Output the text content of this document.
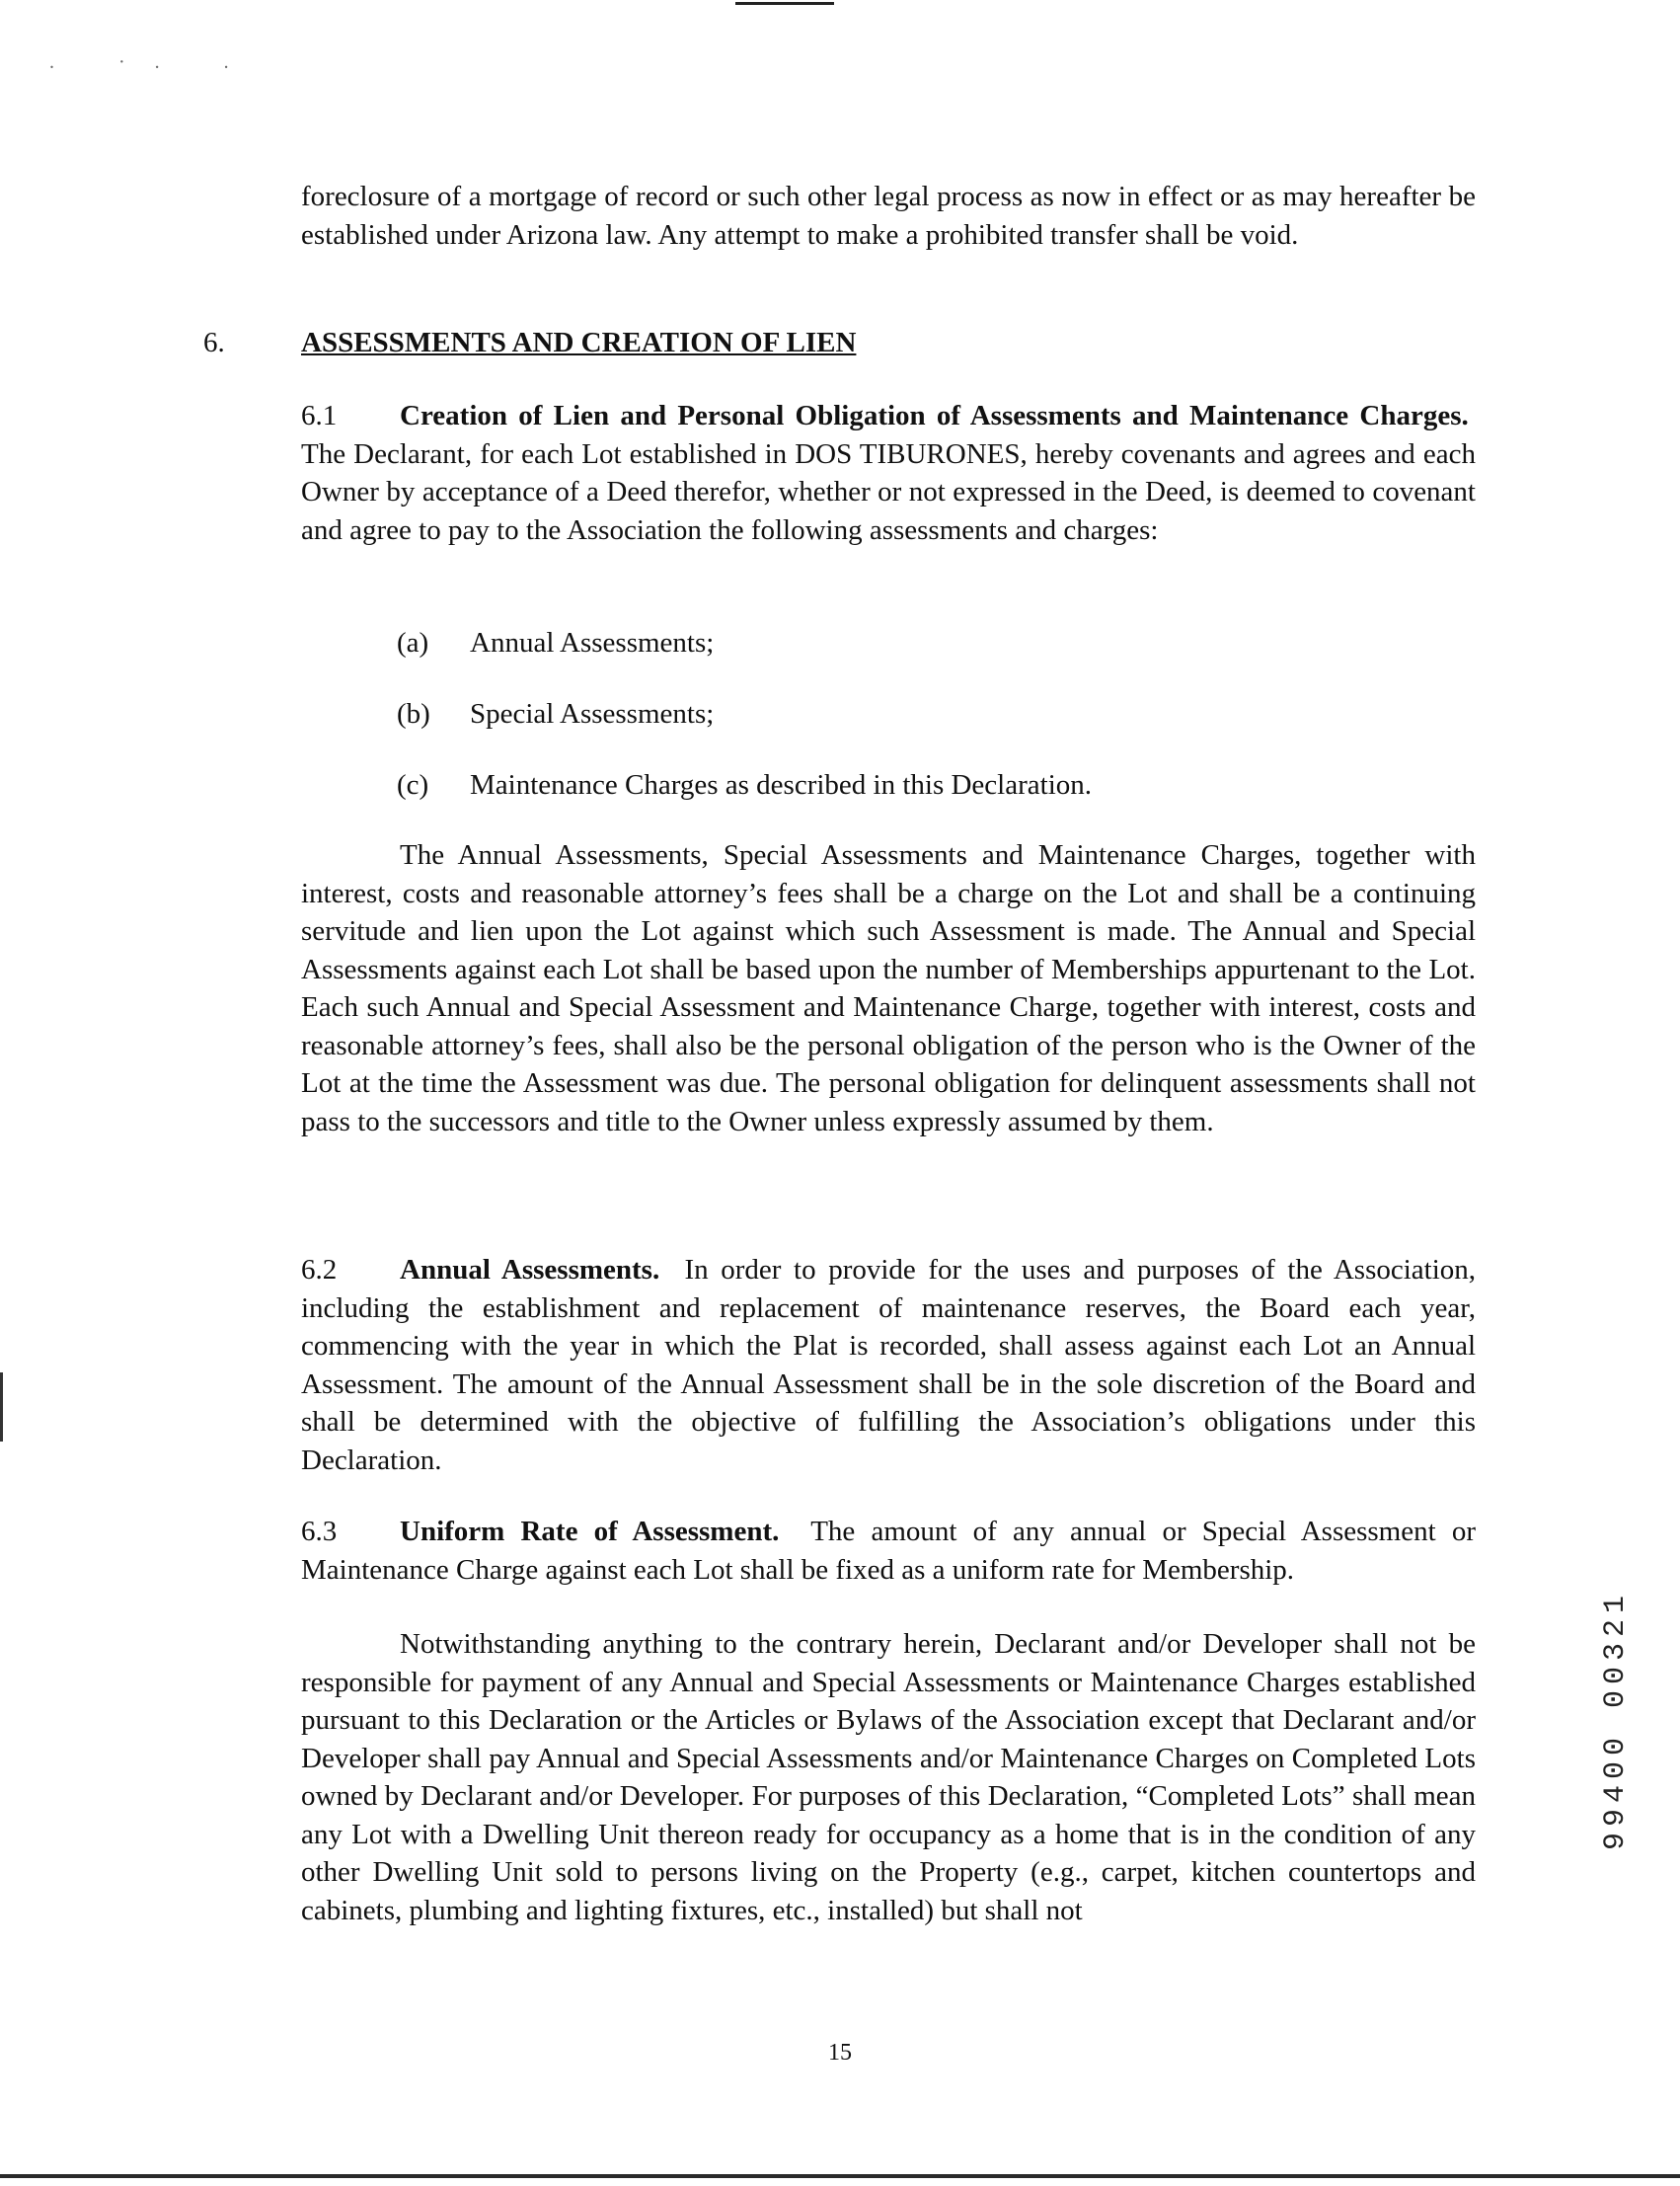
. ·. .

foreclosure of a mortgage of record or such other legal process as now in effect or as may hereafter be established under Arizona law. Any attempt to make a prohibited transfer shall be void.

6.	ASSESSMENTS AND CREATION OF LIEN

6.1 Creation of Lien and Personal Obligation of Assessments and Maintenance Charges.  The Declarant, for each Lot established in DOS TIBURONES, hereby covenants and agrees and each Owner by acceptance of a Deed therefor, whether or not expressed in the Deed, is deemed to covenant and agree to pay to the Association the following assessments and charges:

(a) Annual Assessments;
(b) Special Assessments;
(c) Maintenance Charges as described in this Declaration.

The Annual Assessments, Special Assessments and Maintenance Charges, together with interest, costs and reasonable attorney’s fees shall be a charge on the Lot and shall be a continuing servitude and lien upon the Lot against which such Assessment is made. The Annual and Special Assessments against each Lot shall be based upon the number of Memberships appurtenant to the Lot. Each such Annual and Special Assessment and Maintenance Charge, together with interest, costs and reasonable attorney’s fees, shall also be the personal obligation of the person who is the Owner of the Lot at the time the Assessment was due. The personal obligation for delinquent assessments shall not pass to the successors and title to the Owner unless expressly assumed by them.

6.2 Annual Assessments. In order to provide for the uses and purposes of the Association, including the establishment and replacement of maintenance reserves, the Board each year, commencing with the year in which the Plat is recorded, shall assess against each Lot an Annual Assessment. The amount of the Annual Assessment shall be in the sole discretion of the Board and shall be determined with the objective of fulfilling the Association’s obligations under this Declaration.

6.3 Uniform Rate of Assessment. The amount of any annual or Special Assessment or Maintenance Charge against each Lot shall be fixed as a uniform rate for Membership.

Notwithstanding anything to the contrary herein, Declarant and/or Developer shall not be responsible for payment of any Annual and Special Assessments or Maintenance Charges established pursuant to this Declaration or the Articles or Bylaws of the Association except that Declarant and/or Developer shall pay Annual and Special Assessments and/or Maintenance Charges on Completed Lots owned by Declarant and/or Developer. For purposes of this Declaration, “Completed Lots” shall mean any Lot with a Dwelling Unit thereon ready for occupancy as a home that is in the condition of any other Dwelling Unit sold to persons living on the Property (e.g., carpet, kitchen countertops and cabinets, plumbing and lighting fixtures, etc., installed) but shall not

99400 00321
15
